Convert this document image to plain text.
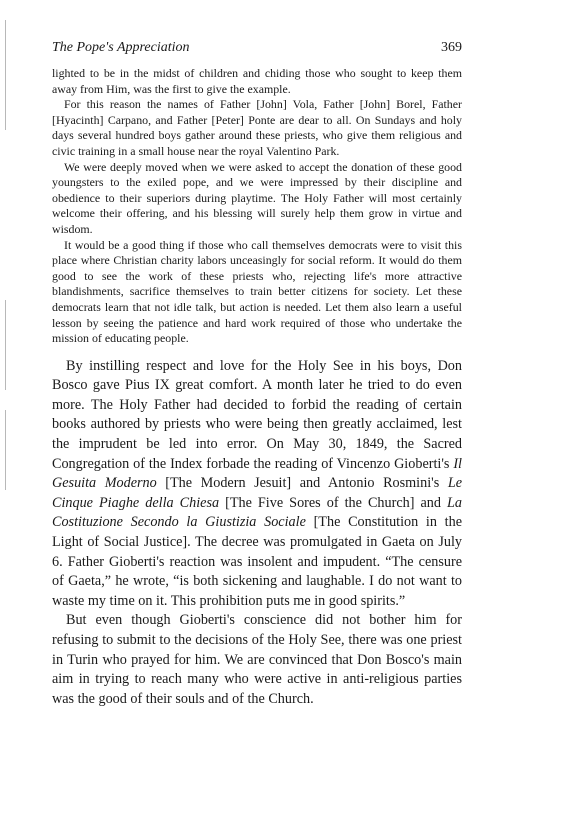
The Pope's Appreciation	369

lighted to be in the midst of children and chiding those who sought to keep them away from Him, was the first to give the example.

For this reason the names of Father [John] Vola, Father [John] Borel, Father [Hyacinth] Carpano, and Father [Peter] Ponte are dear to all. On Sundays and holy days several hundred boys gather around these priests, who give them religious and civic training in a small house near the royal Valentino Park.

We were deeply moved when we were asked to accept the donation of these good youngsters to the exiled pope, and we were impressed by their discipline and obedience to their superiors during playtime. The Holy Father will most certainly welcome their offering, and his blessing will surely help them grow in virtue and wisdom.

It would be a good thing if those who call themselves democrats were to visit this place where Christian charity labors unceasingly for social reform. It would do them good to see the work of these priests who, rejecting life's more attractive blandishments, sacrifice themselves to train better citizens for society. Let these democrats learn that not idle talk, but action is needed. Let them also learn a useful lesson by seeing the patience and hard work required of those who undertake the mission of educating people.

By instilling respect and love for the Holy See in his boys, Don Bosco gave Pius IX great comfort. A month later he tried to do even more. The Holy Father had decided to forbid the reading of certain books authored by priests who were being then greatly acclaimed, lest the imprudent be led into error. On May 30, 1849, the Sacred Congregation of the Index forbade the reading of Vincenzo Gioberti's Il Gesuita Moderno [The Modern Jesuit] and Antonio Rosmini's Le Cinque Piaghe della Chiesa [The Five Sores of the Church] and La Costituzione Secondo la Giustizia Sociale [The Constitution in the Light of Social Justice]. The decree was promulgated in Gaeta on July 6. Father Gioberti's reaction was insolent and impudent. “The censure of Gaeta,” he wrote, “is both sickening and laughable. I do not want to waste my time on it. This prohibition puts me in good spirits.”

But even though Gioberti's conscience did not bother him for refusing to submit to the decisions of the Holy See, there was one priest in Turin who prayed for him. We are convinced that Don Bosco's main aim in trying to reach many who were active in anti-religious parties was the good of their souls and of the Church.
